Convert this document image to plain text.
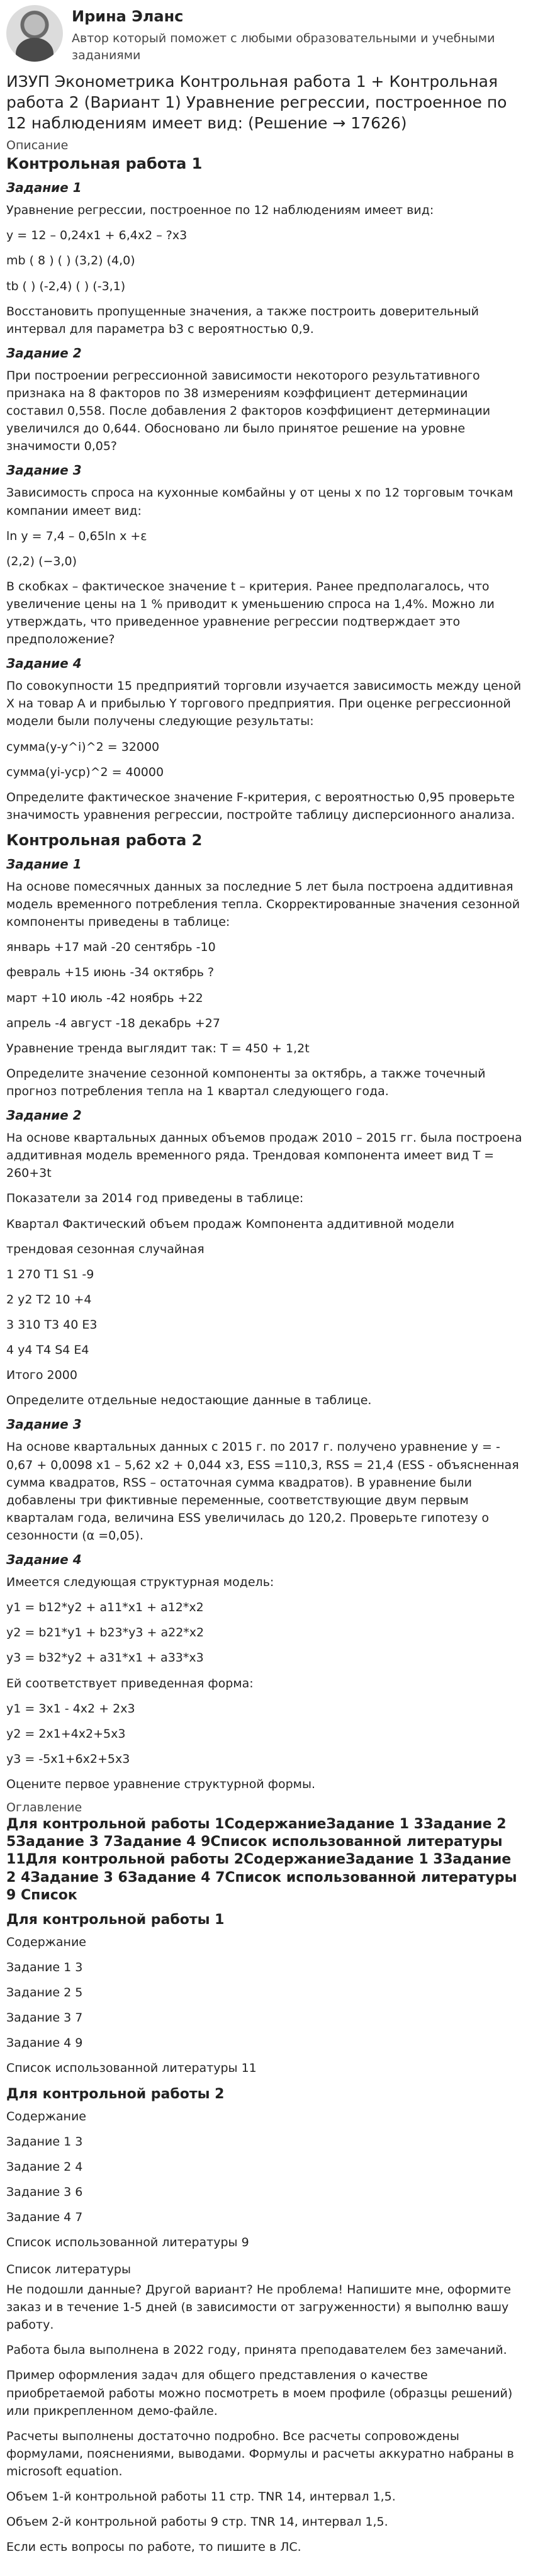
Ирина Эланс
Автор который поможет с любыми образовательными и учебными заданиями
ИЗУП Эконометрика Контрольная работа 1 + Контрольная работа 2 (Вариант 1) Уравнение регрессии, построенное по 12 наблюдениям имеет вид: (Решение → 17626)
Описание
Контрольная работа 1
Задание 1

Уравнение регрессии, построенное по 12 наблюдениям имеет вид:

y = 12 – 0,24x1 + 6,4x2 – ?x3

mb ( 8 ) ( ) (3,2) (4,0)

tb ( ) (-2,4) ( ) (-3,1)

Восстановить пропущенные значения, а также построить доверительный интервал для параметра b3 с вероятностью 0,9.

Задание 2

При построении регрессионной зависимости некоторого результативного признака на 8 факторов по 38 измерениям коэффициент детерминации составил 0,558. После добавления 2 факторов коэффициент детерминации увеличился до 0,644. Обосновано ли было принятое решение на уровне значимости 0,05?

Задание 3

Зависимость спроса на кухонные комбайны у от цены х по 12 торговым точкам компании имеет вид:

ln y = 7,4 – 0,65ln x +ε

(2,2) (−3,0)

В скобках – фактическое значение t – критерия. Ранее предполагалось, что увеличение цены на 1 % приводит к уменьшению спроса на 1,4%. Можно ли утверждать, что приведенное уравнение регрессии подтверждает это предположение?

Задание 4

По совокупности 15 предприятий торговли изучается зависимость между ценой Х на товар А и прибылью Y торгового предприятия. При оценке регрессионной модели были получены следующие результаты:

сумма(y-y^i)^2 = 32000

сумма(yi-yср)^2 = 40000

Определите фактическое значение F-критерия, с вероятностью 0,95 проверьте значимость уравнения регрессии, постройте таблицу дисперсионного анализа.

Контрольная работа 2
Задание 1

На основе помесячных данных за последние 5 лет была построена аддитивная модель временного потребления тепла. Скорректированные значения сезонной компоненты приведены в таблице:

январь +17 май -20 сентябрь -10

февраль +15 июнь -34 октябрь ?

март +10 июль -42 ноябрь +22

апрель -4 август -18 декабрь +27

Уравнение тренда выглядит так: T = 450 + 1,2t

Определите значение сезонной компоненты за октябрь, а также точечный прогноз потребления тепла на 1 квартал следующего года.

Задание 2

На основе квартальных данных объемов продаж 2010 – 2015 гг. была построена аддитивная модель временного ряда. Трендовая компонента имеет вид T = 260+3t

Показатели за 2014 год приведены в таблице:

Квартал Фактический объем продаж Компонента аддитивной модели

трендовая сезонная случайная

1 270 T1 S1 -9

2 у2 T2 10 +4

3 310 T3 40 E3

4 у4 T4 S4 E4

Итого 2000

Определите отдельные недостающие данные в таблице.

Задание 3

На основе квартальных данных с 2015 г. по 2017 г. получено уравнение y = - 0,67 + 0,0098 x1 – 5,62 x2 + 0,044 x3, ESS =110,3, RSS = 21,4 (ESS - объясненная сумма квадратов, RSS – остаточная сумма квадратов). В уравнение были добавлены три фиктивные переменные, соответствующие двум первым кварталам года, величина ESS увеличилась до 120,2. Проверьте гипотезу о сезонности (α =0,05).

Задание 4

Имеется следующая структурная модель:

y1 = b12*y2 + a11*x1 + a12*x2

y2 = b21*y1 + b23*y3 + a22*x2

y3 = b32*y2 + a31*x1 + a33*x3

Ей соответствует приведенная форма:

y1 = 3x1 - 4x2 + 2x3

y2 = 2x1+4x2+5x3

y3 = -5x1+6x2+5x3

Оцените первое уравнение структурной формы.

Оглавление
Для контрольной работы 1СодержаниеЗадание 1 3Задание 2 5Задание 3 7Задание 4 9Список использованной литературы 11Для контрольной работы 2СодержаниеЗадание 1 3Задание 2 4Задание 3 6Задание 4 7Список использованной литературы 9 Список
Для контрольной работы 1
Содержание
Задание 1 3
Задание 2 5
Задание 3 7
Задание 4 9
Список использованной литературы 11
Для контрольной работы 2
Содержание
Задание 1 3
Задание 2 4
Задание 3 6
Задание 4 7
Список использованной литературы 9

Список литературы

Не подошли данные? Другой вариант? Не проблема! Напишите мне, оформите заказ и в течение 1-5 дней (в зависимости от загруженности) я выполню вашу работу.

Работа была выполнена в 2022 году, принята преподавателем без замечаний.

Пример оформления задач для общего представления о качестве приобретаемой работы можно посмотреть в моем профиле (образцы решений) или прикрепленном демо-файле.

Расчеты выполнены достаточно подробно. Все расчеты сопровождены формулами, пояснениями, выводами. Формулы и расчеты аккуратно набраны в microsoft equation.

Объем 1-й контрольной работы 11 стр. TNR 14, интервал 1,5.

Объем 2-й контрольной работы 9 стр. TNR 14, интервал 1,5.

Если есть вопросы по работе, то пишите в ЛС.
